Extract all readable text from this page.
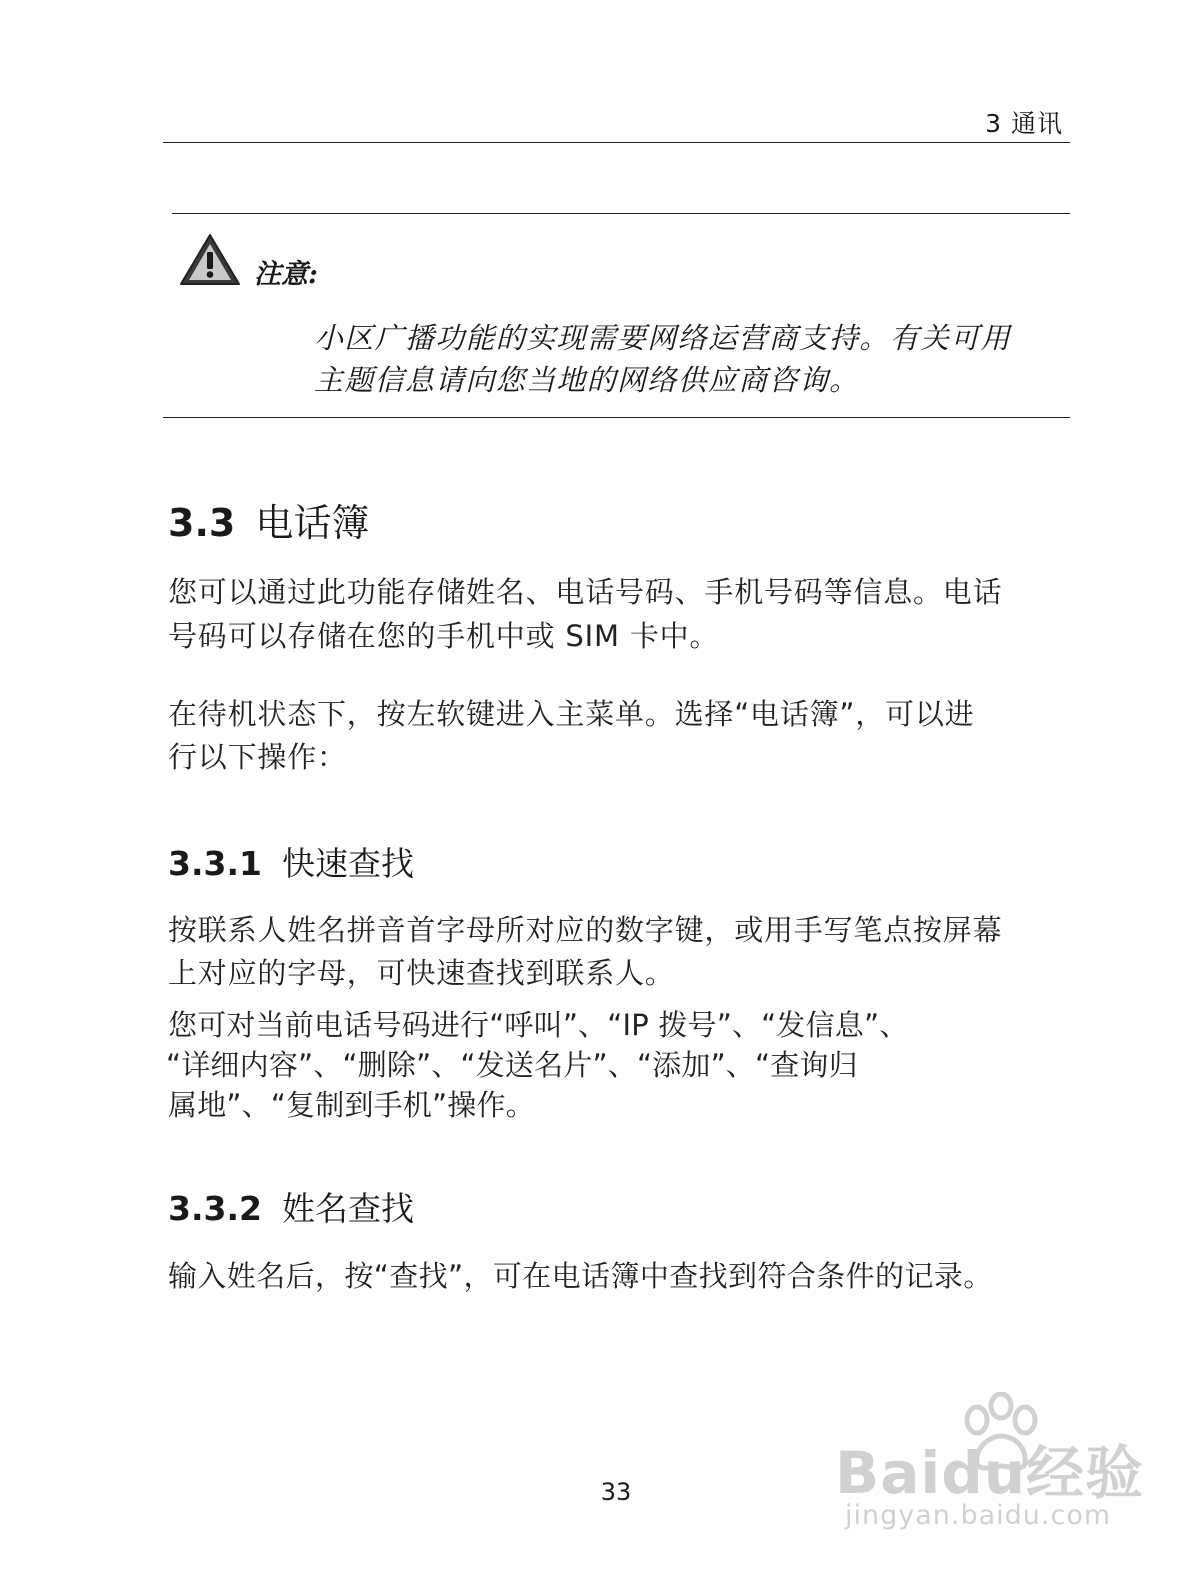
3 通讯
注意:
小区广播功能的实现需要网络运营商支持。有关可用
主题信息请向您当地的网络供应商咨询。
3.3 电话簿
您可以通过此功能存储姓名、电话号码、手机号码等信息。电话
号码可以存储在您的手机中或 SIM 卡中。
在待机状态下，按左软键进入主菜单。选择“电话簿”，可以进
行以下操作：
3.3.1 快速查找
按联系人姓名拼音首字母所对应的数字键，或用手写笔点按屏幕
上对应的字母，可快速查找到联系人。
您可对当前电话号码进行“呼叫”、“IP 拨号”、“发信息”、
“详细内容”、“删除”、“发送名片”、“添加”、“查询归
属地”、“复制到手机”操作。
3.3.2 姓名查找
输入姓名后，按“查找”，可在电话簿中查找到符合条件的记录。
33	Baidu经验
jingyan.baidu.com
